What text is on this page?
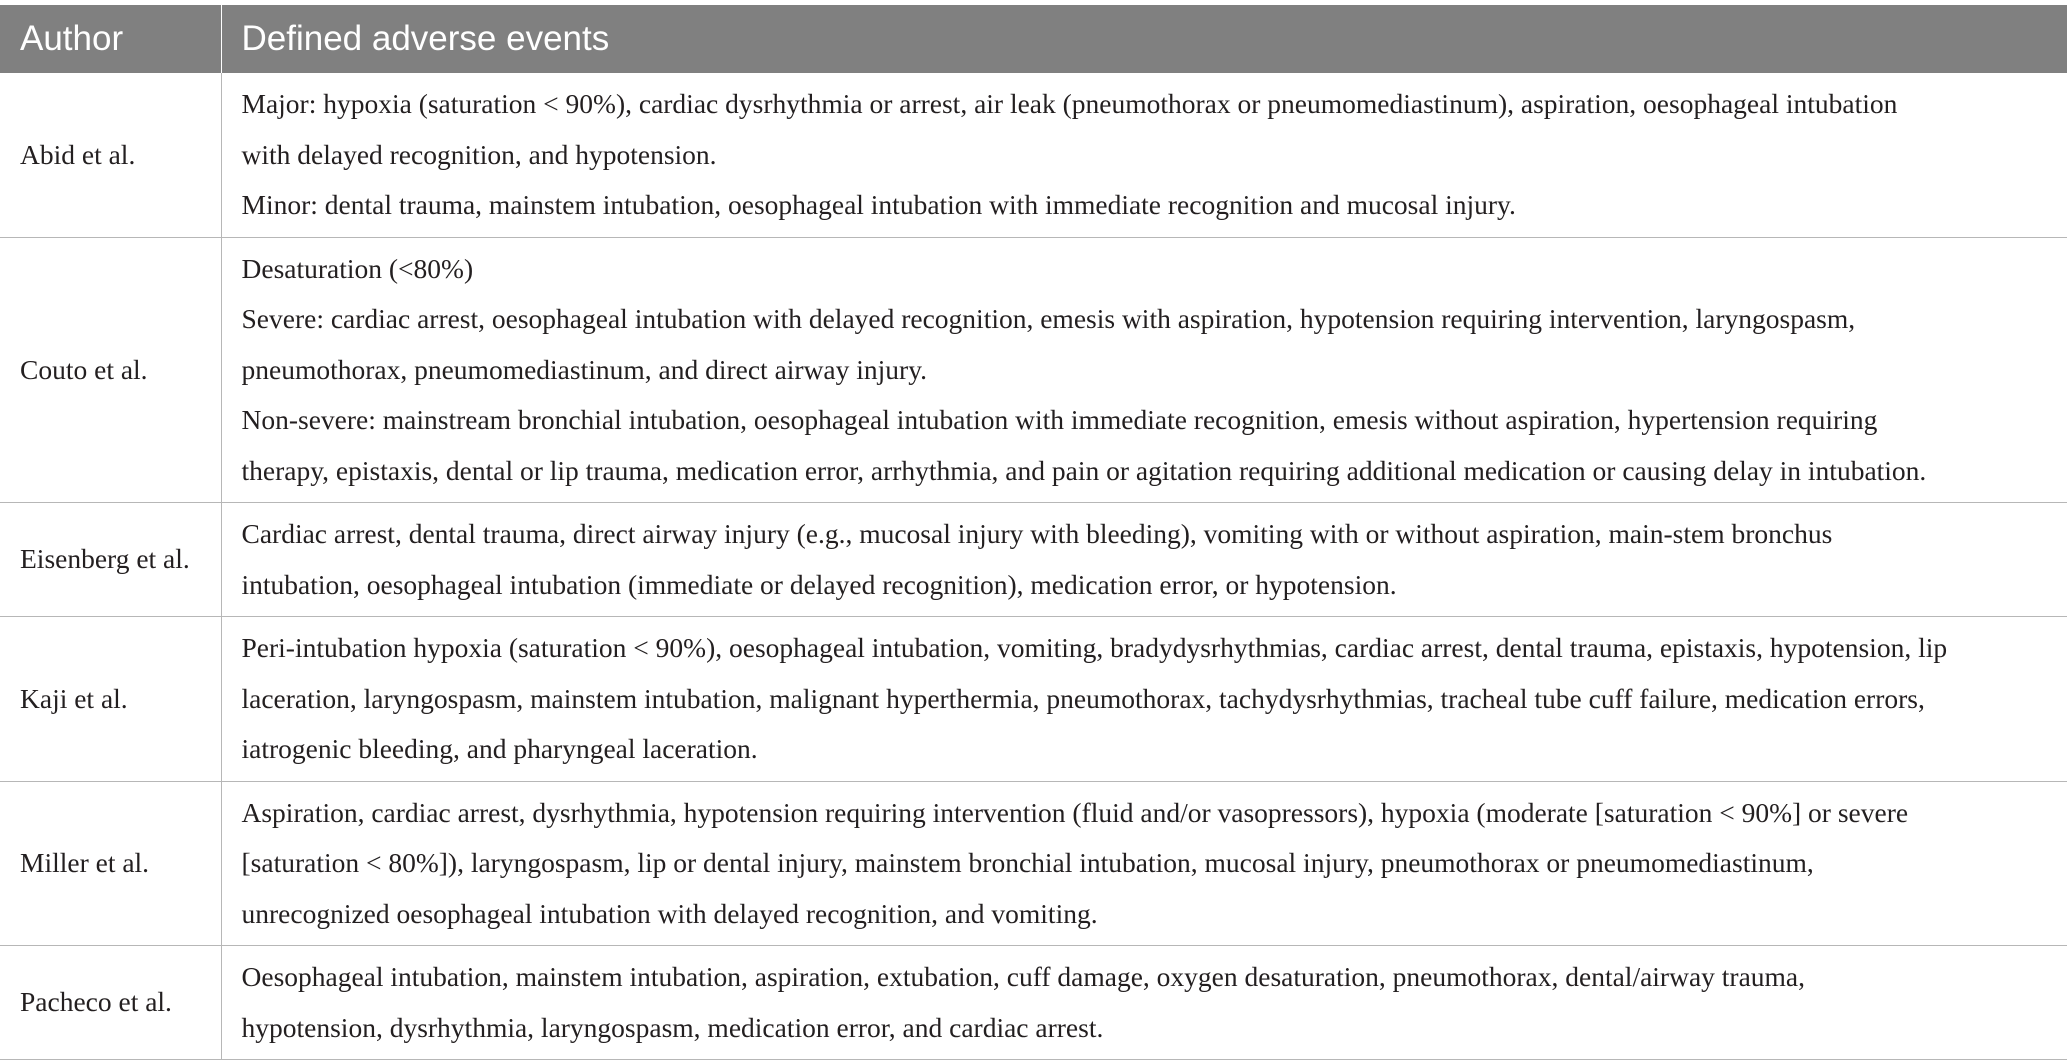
Author	Defined adverse events
Abid et al.	Major: hypoxia (saturation < 90%), cardiac dysrhythmia or arrest, air leak (pneumothorax or pneumomediastinum), aspiration, oesophageal intubation
with delayed recognition, and hypotension.
Minor: dental trauma, mainstem intubation, oesophageal intubation with immediate recognition and mucosal injury.

Couto et al.	Desaturation (<80%)
Severe: cardiac arrest, oesophageal intubation with delayed recognition, emesis with aspiration, hypotension requiring intervention, laryngospasm,
pneumothorax, pneumomediastinum, and direct airway injury.
Non-severe: mainstream bronchial intubation, oesophageal intubation with immediate recognition, emesis without aspiration, hypertension requiring
therapy, epistaxis, dental or lip trauma, medication error, arrhythmia, and pain or agitation requiring additional medication or causing delay in intubation.

Eisenberg et al.	Cardiac arrest, dental trauma, direct airway injury (e.g., mucosal injury with bleeding), vomiting with or without aspiration, main-stem bronchus
intubation, oesophageal intubation (immediate or delayed recognition), medication error, or hypotension.

Kaji et al.	Peri-intubation hypoxia (saturation < 90%), oesophageal intubation, vomiting, bradydysrhythmias, cardiac arrest, dental trauma, epistaxis, hypotension, lip
laceration, laryngospasm, mainstem intubation, malignant hyperthermia, pneumothorax, tachydysrhythmias, tracheal tube cuff failure, medication errors,
iatrogenic bleeding, and pharyngeal laceration.

Miller et al.	Aspiration, cardiac arrest, dysrhythmia, hypotension requiring intervention (fluid and/or vasopressors), hypoxia (moderate [saturation < 90%] or severe
[saturation < 80%]), laryngospasm, lip or dental injury, mainstem bronchial intubation, mucosal injury, pneumothorax or pneumomediastinum,
unrecognized oesophageal intubation with delayed recognition, and vomiting.

Pacheco et al.	Oesophageal intubation, mainstem intubation, aspiration, extubation, cuff damage, oxygen desaturation, pneumothorax, dental/airway trauma,
hypotension, dysrhythmia, laryngospasm, medication error, and cardiac arrest.
